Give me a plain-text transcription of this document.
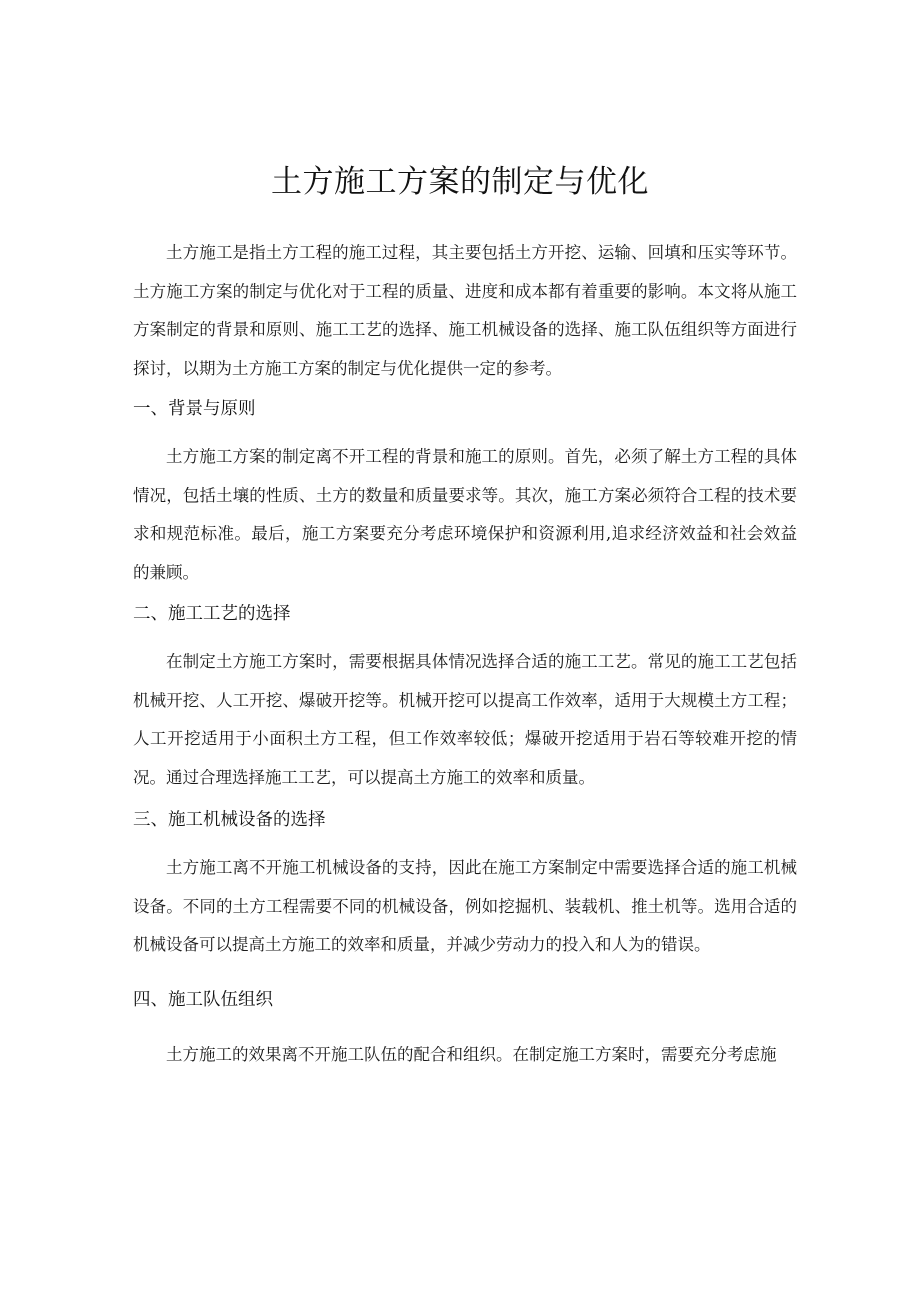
土方施工方案的制定与优化

土方施工是指土方工程的施工过程，其主要包括土方开挖、运输、回填和压实等环节。土方施工方案的制定与优化对于工程的质量、进度和成本都有着重要的影响。本文将从施工方案制定的背景和原则、施工工艺的选择、施工机械设备的选择、施工队伍组织等方面进行探讨，以期为土方施工方案的制定与优化提供一定的参考。

一、背景与原则

土方施工方案的制定离不开工程的背景和施工的原则。首先，必须了解土方工程的具体情况，包括土壤的性质、土方的数量和质量要求等。其次，施工方案必须符合工程的技术要求和规范标准。最后，施工方案要充分考虑环境保护和资源利用,追求经济效益和社会效益的兼顾。

二、施工工艺的选择

在制定土方施工方案时，需要根据具体情况选择合适的施工工艺。常见的施工工艺包括机械开挖、人工开挖、爆破开挖等。机械开挖可以提高工作效率，适用于大规模土方工程；人工开挖适用于小面积土方工程，但工作效率较低；爆破开挖适用于岩石等较难开挖的情况。通过合理选择施工工艺，可以提高土方施工的效率和质量。

三、施工机械设备的选择

土方施工离不开施工机械设备的支持，因此在施工方案制定中需要选择合适的施工机械设备。不同的土方工程需要不同的机械设备，例如挖掘机、装载机、推土机等。选用合适的机械设备可以提高土方施工的效率和质量，并减少劳动力的投入和人为的错误。

四、施工队伍组织

土方施工的效果离不开施工队伍的配合和组织。在制定施工方案时，需要充分考虑施
